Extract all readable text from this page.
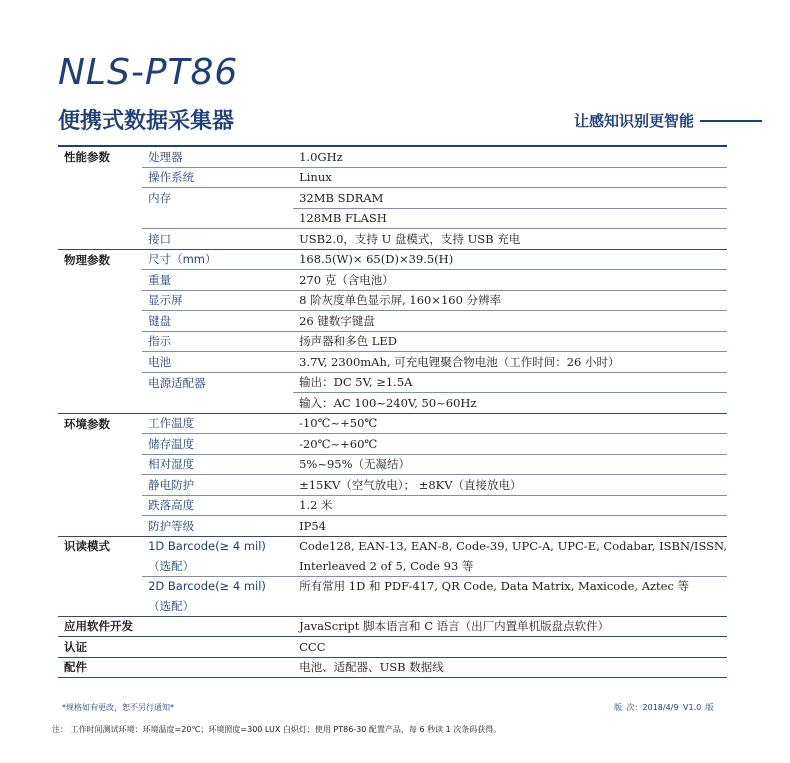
NLS-PT86
便携式数据采集器	让感知识别更智能
性能参数	处理器	1.0GHz
	操作系统	Linux
	内存	32MB SDRAM
		128MB FLASH
	接口	USB2.0，支持 U 盘模式，支持 USB 充电
物理参数	尺寸（mm）	168.5(W)× 65(D)×39.5(H)
	重量	270 克（含电池）
	显示屏	8 阶灰度单色显示屏, 160×160 分辨率
	键盘	26 键数字键盘
	指示	扬声器和多色 LED
	电池	3.7V, 2300mAh, 可充电锂聚合物电池（工作时间：26 小时）
	电源适配器	输出：DC 5V, ≥1.5A
		输入：AC 100~240V, 50~60Hz
环境参数	工作温度	-10℃~+50℃
	储存温度	-20℃~+60℃
	相对湿度	5%~95%（无凝结）
	静电防护	±15KV（空气放电）； ±8KV（直接放电）
	跌落高度	1.2 米
	防护等级	IP54
识读模式	1D Barcode(≥ 4 mil)	Code128, EAN-13, EAN-8, Code-39, UPC-A, UPC-E, Codabar, ISBN/ISSN,
	（选配）	Interleaved 2 of 5, Code 93 等
	2D Barcode(≥ 4 mil)	所有常用 1D 和 PDF-417, QR Code, Data Matrix, Maxicode, Aztec 等
	（选配）	
应用软件开发		JavaScript 脚本语言和 C 语言（出厂内置单机版盘点软件）
认证		CCC
配件		电池、适配器、USB 数据线
*规格如有更改，恕不另行通知*	版 次：2018/4/9 V1.0 版
注： 工作时间测试环境：环境温度=20℃；环境照度=300 LUX 白炽灯；使用 PT86-30 配置产品，每 6 秒读 1 次条码获得。
